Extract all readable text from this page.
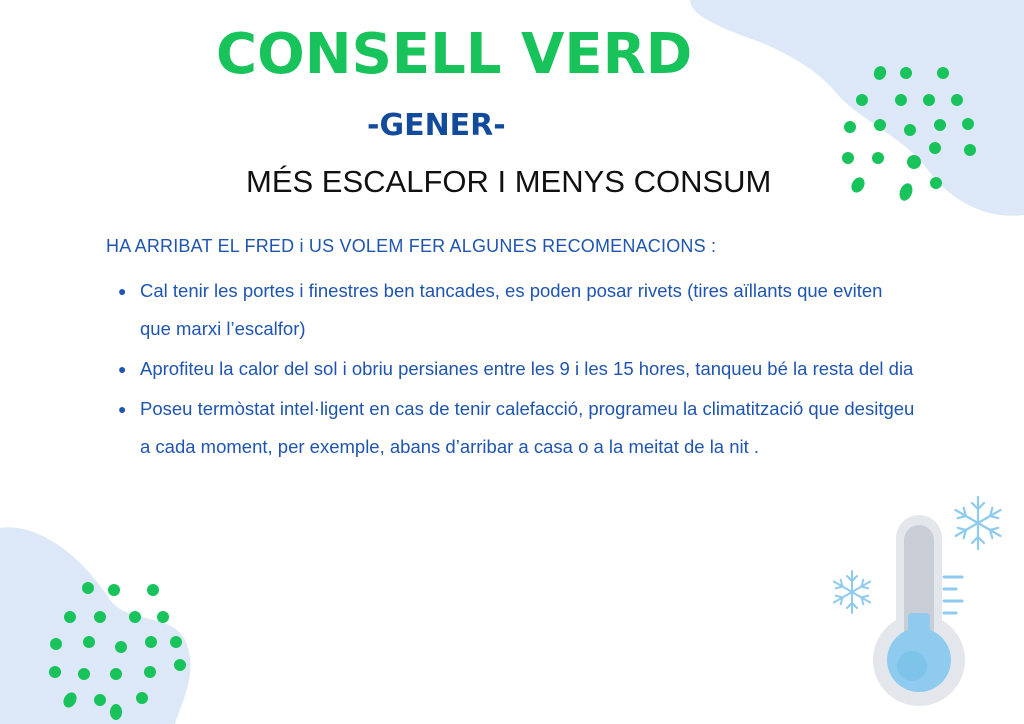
CONSELL VERD
-GENER-
MÉS ESCALFOR I MENYS CONSUM
HA ARRIBAT EL FRED i US VOLEM FER ALGUNES RECOMENACIONS :
● Cal tenir les portes i finestres ben tancades, es poden posar rivets (tires aïllants que eviten que marxi l’escalfor)
● Aprofiteu la calor del sol i obriu persianes entre les 9 i les 15 hores, tanqueu bé la resta del dia
● Poseu termòstat intel·ligent en cas de tenir calefacció, programeu la climatització que desitgeu a cada moment, per exemple, abans d’arribar a casa o a la meitat de la nit .
